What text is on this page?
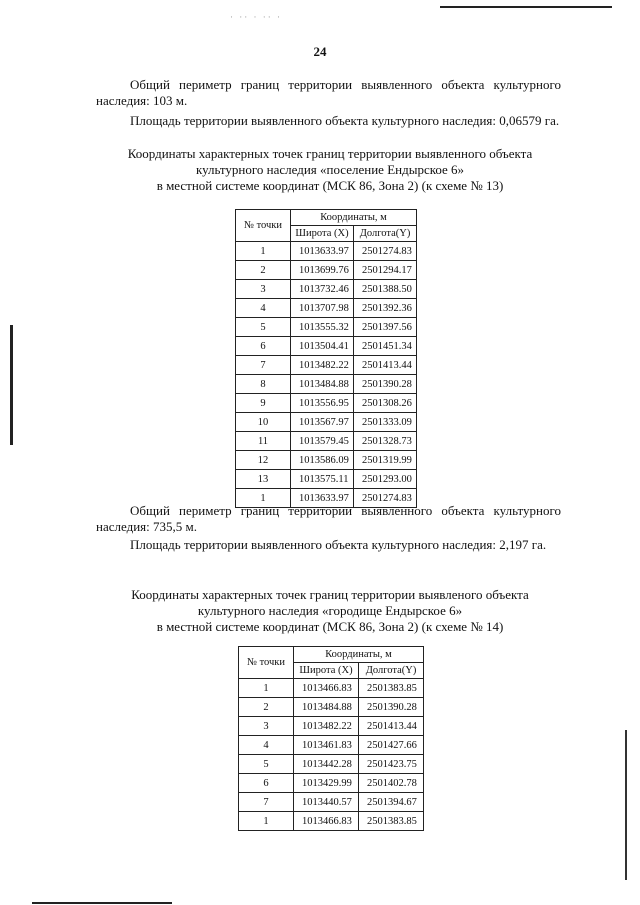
· ·· · ·· ·
24
Общий периметр границ территории выявленного объекта культурного наследия: 103 м.
Площадь территории выявленного объекта культурного наследия: 0,06579 га.
Координаты характерных точек границ территории выявленного объекта
культурного наследия «поселение Ендырское 6»
в местной системе координат (МСК 86, Зона 2) (к схеме № 13)
№ точки	Координаты, м	
	Широта (X)	Долгота(Y)
1	1013633.97	2501274.83
2	1013699.76	2501294.17
3	1013732.46	2501388.50
4	1013707.98	2501392.36
5	1013555.32	2501397.56
6	1013504.41	2501451.34
7	1013482.22	2501413.44
8	1013484.88	2501390.28
9	1013556.95	2501308.26
10	1013567.97	2501333.09
11	1013579.45	2501328.73
12	1013586.09	2501319.99
13	1013575.11	2501293.00
1	1013633.97	2501274.83
Общий периметр границ территории выявленного объекта культурного наследия: 735,5 м.
Площадь территории выявленного объекта культурного наследия: 2,197 га.
Координаты характерных точек границ территории выявленого объекта
культурного наследия «городище Ендырское 6»
в местной системе координат (МСК 86, Зона 2) (к схеме № 14)
№ точки	Координаты, м	
	Широта (X)	Долгота(Y)
1	1013466.83	2501383.85
2	1013484.88	2501390.28
3	1013482.22	2501413.44
4	1013461.83	2501427.66
5	1013442.28	2501423.75
6	1013429.99	2501402.78
7	1013440.57	2501394.67
1	1013466.83	2501383.85
